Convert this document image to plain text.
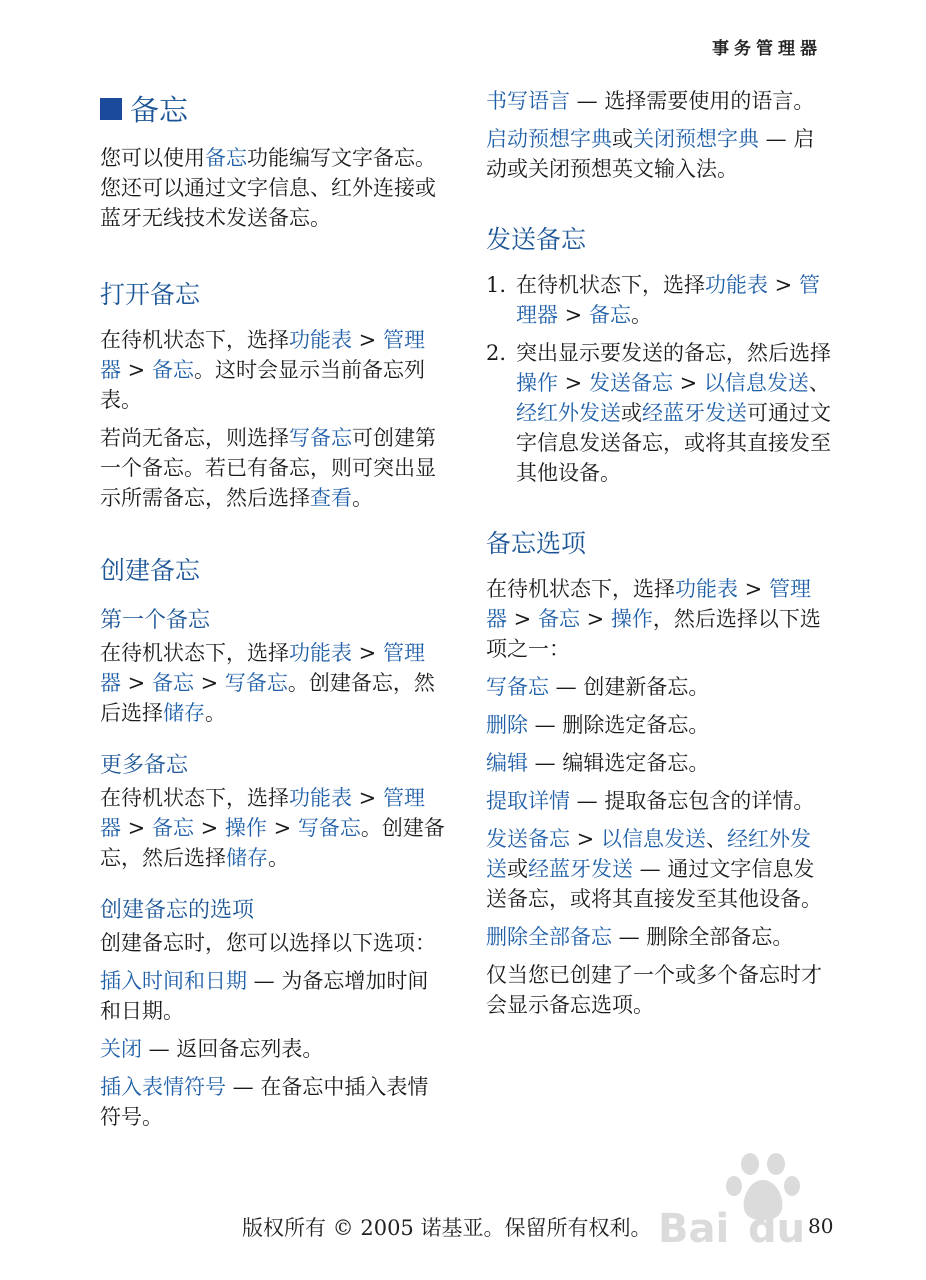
事务管理器
备忘

您可以使用备忘功能编写文字备忘。您还可以通过文字信息、红外连接或蓝牙无线技术发送备忘。

打开备忘

在待机状态下，选择功能表 > 管理器 > 备忘。这时会显示当前备忘列表。

若尚无备忘，则选择写备忘可创建第一个备忘。若已有备忘，则可突出显示所需备忘，然后选择查看。

创建备忘
第一个备忘

在待机状态下，选择功能表 > 管理器 > 备忘 > 写备忘。创建备忘，然后选择储存。

更多备忘

在待机状态下，选择功能表 > 管理器 > 备忘 > 操作 > 写备忘。创建备忘，然后选择储存。

创建备忘的选项

创建备忘时，您可以选择以下选项：

插入时间和日期 — 为备忘增加时间和日期。

关闭 — 返回备忘列表。

插入表情符号 — 在备忘中插入表情符号。

书写语言 — 选择需要使用的语言。

启动预想字典或关闭预想字典 — 启动或关闭预想英文输入法。

发送备忘
1. 在待机状态下，选择功能表 > 管理器 > 备忘。
2. 突出显示要发送的备忘，然后选择操作 > 发送备忘 > 以信息发送、经红外发送或经蓝牙发送可通过文字信息发送备忘，或将其直接发至其他设备。
备忘选项

在待机状态下，选择功能表 > 管理器 > 备忘 > 操作，然后选择以下选项之一：

写备忘 — 创建新备忘。

删除 — 删除选定备忘。

编辑 — 编辑选定备忘。

提取详情 — 提取备忘包含的详情。

发送备忘 > 以信息发送、经红外发送或经蓝牙发送 — 通过文字信息发送备忘，或将其直接发至其他设备。

删除全部备忘 — 删除全部备忘。

仅当您已创建了一个或多个备忘时才会显示备忘选项。

Bai du
版权所有 © 2005 诺基亚。保留所有权利。	80
